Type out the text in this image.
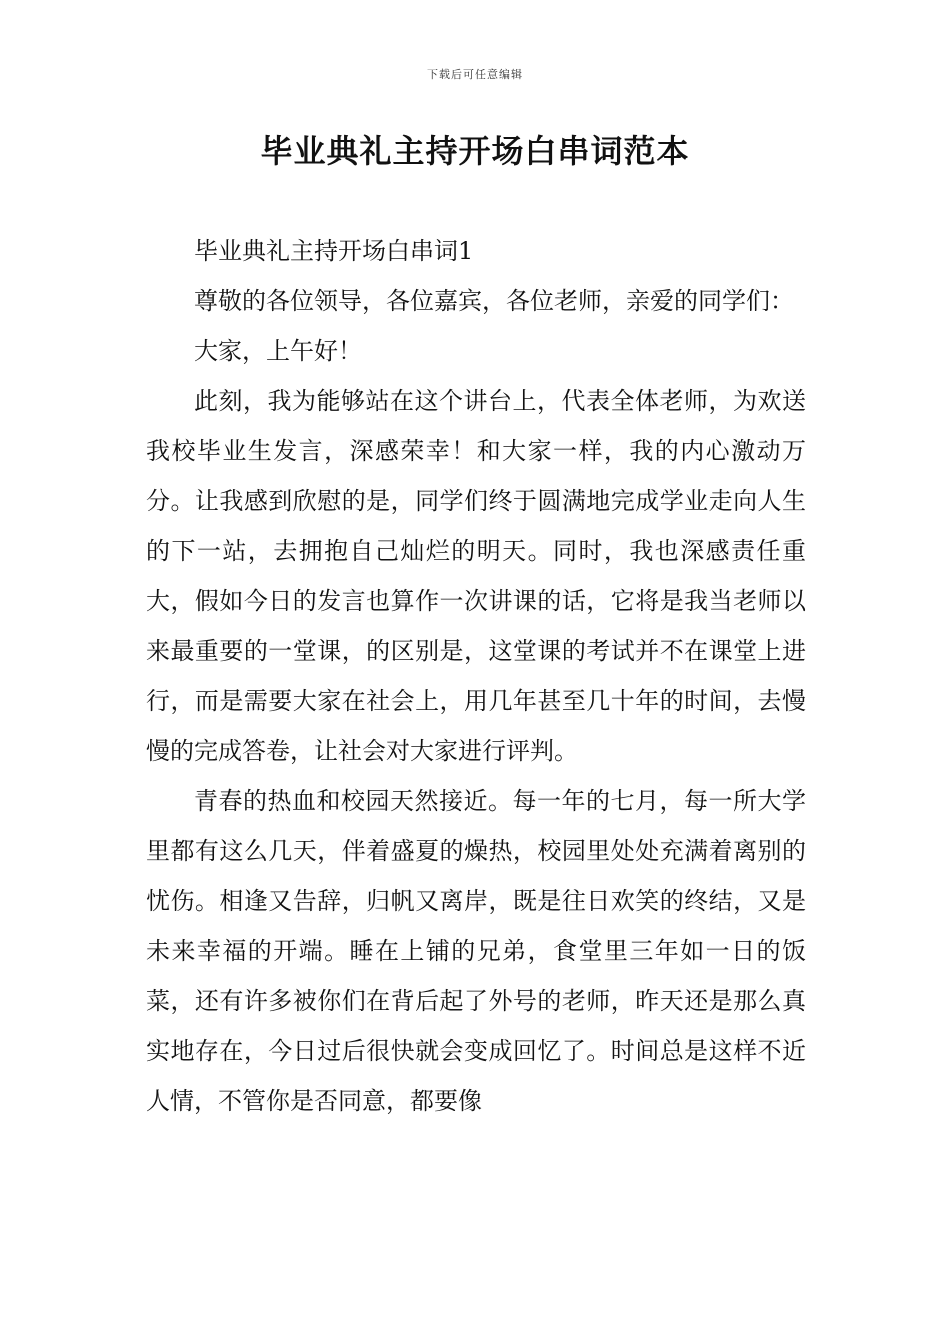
下载后可任意编辑
毕业典礼主持开场白串词范本

毕业典礼主持开场白串词1

尊敬的各位领导，各位嘉宾，各位老师，亲爱的同学们：

大家，上午好！

此刻，我为能够站在这个讲台上，代表全体老师，为欢送我校毕业生发言，深感荣幸！和大家一样，我的内心激动万分。让我感到欣慰的是，同学们终于圆满地完成学业走向人生的下一站，去拥抱自己灿烂的明天。同时，我也深感责任重大，假如今日的发言也算作一次讲课的话，它将是我当老师以来最重要的一堂课，的区别是，这堂课的考试并不在课堂上进行，而是需要大家在社会上，用几年甚至几十年的时间，去慢慢的完成答卷，让社会对大家进行评判。

青春的热血和校园天然接近。每一年的七月，每一所大学里都有这么几天，伴着盛夏的燥热，校园里处处充满着离别的忧伤。相逢又告辞，归帆又离岸，既是往日欢笑的终结，又是未来幸福的开端。睡在上铺的兄弟，食堂里三年如一日的饭菜，还有许多被你们在背后起了外号的老师，昨天还是那么真实地存在，今日过后很快就会变成回忆了。时间总是这样不近人情，不管你是否同意，都要像
